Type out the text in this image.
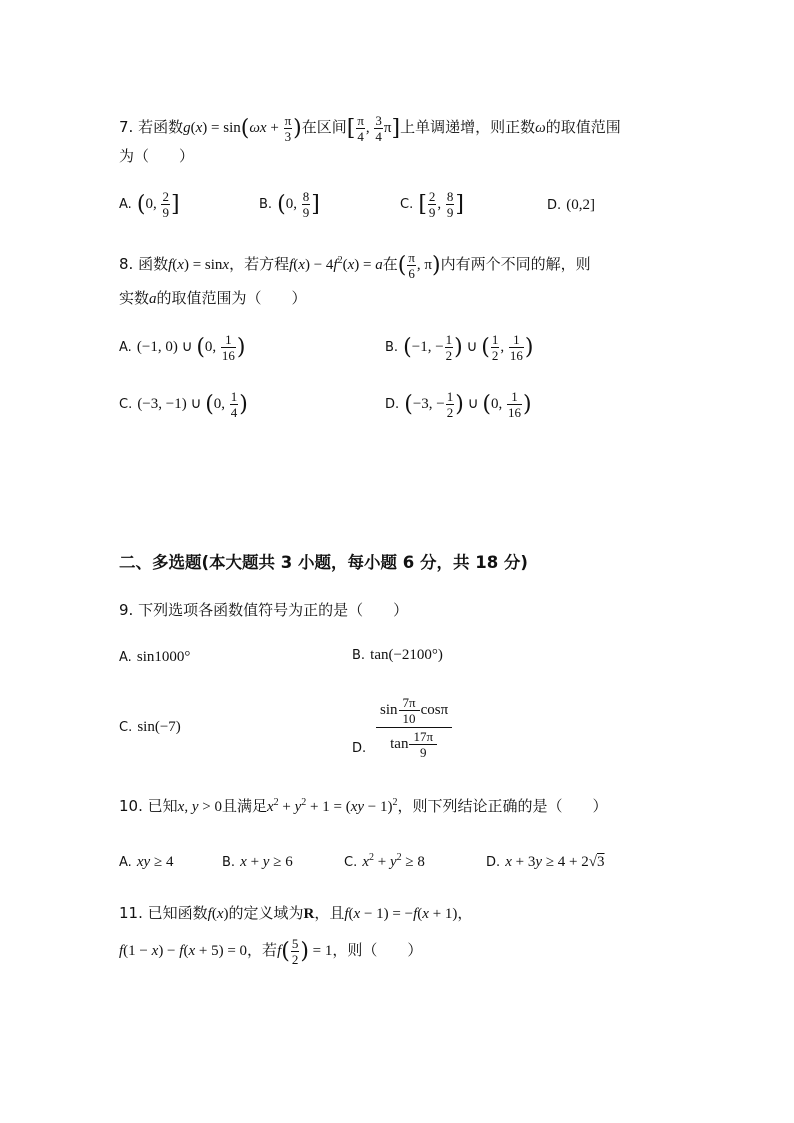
7. 若函数$g(x) = \sin(\omega x + \frac{\pi}{3}$ )在区间[ $\frac{\pi}{4}$ , $\frac{3}{4} \pi$]上单调递增，则正数ω的取值范围
为（　　）
A. (0, $\frac{2}{9}$ ]	B. (0, $\frac{8}{9}$ ]	C. [ $\frac{2}{9}$ , $\frac{8}{9}$ ]	D. (0,2]
8. 函数f(x) = sinx，若方程$f(x) - 4f^2(x) = a$在( $\frac{\pi}{6}$ , π)内有两个不同的解，则
实数a的取值范围为（　　）
A. (−1, 0) ∪ (0, $\frac{1}{16}$ )	B. (−1, − $\frac{1}{2}$ ) ∪ ( $\frac{1}{2}$ , $\frac{1}{16}$ )
C. (−3, −1) ∪ (0, $\frac{1}{4}$ )	D. (−3, − $\frac{1}{2}$ ) ∪ (0, $\frac{1}{16}$ )
二、多选题(本大题共 3 小题，每小题 6 分，共 18 分)
9. 下列选项各函数值符号为正的是（　　）
A. sin1000°	B. tan(−2100°)
C. sin(−7)
D. $\frac{\sin \frac{7\pi}{10} \cos\pi}{\tan \frac{17\pi}{9}}$
10. 已知x, y > 0且满足$x^2 + y^2 + 1 = (xy - 1)^2$，则下列结论正确的是（　　）
A. xy ≥ 4	B. x + y ≥ 6	C. $x^2 + y^2 \ge 8$	D. x + 3y ≥ 4 + 2√3
11. 已知函数f(x)的定义域为R，且f(x − 1) = −f(x + 1)，
f(1 − x) − f(x + 5) = 0，若$f( \frac{5}{2}$ ) = 1，则（　　）
